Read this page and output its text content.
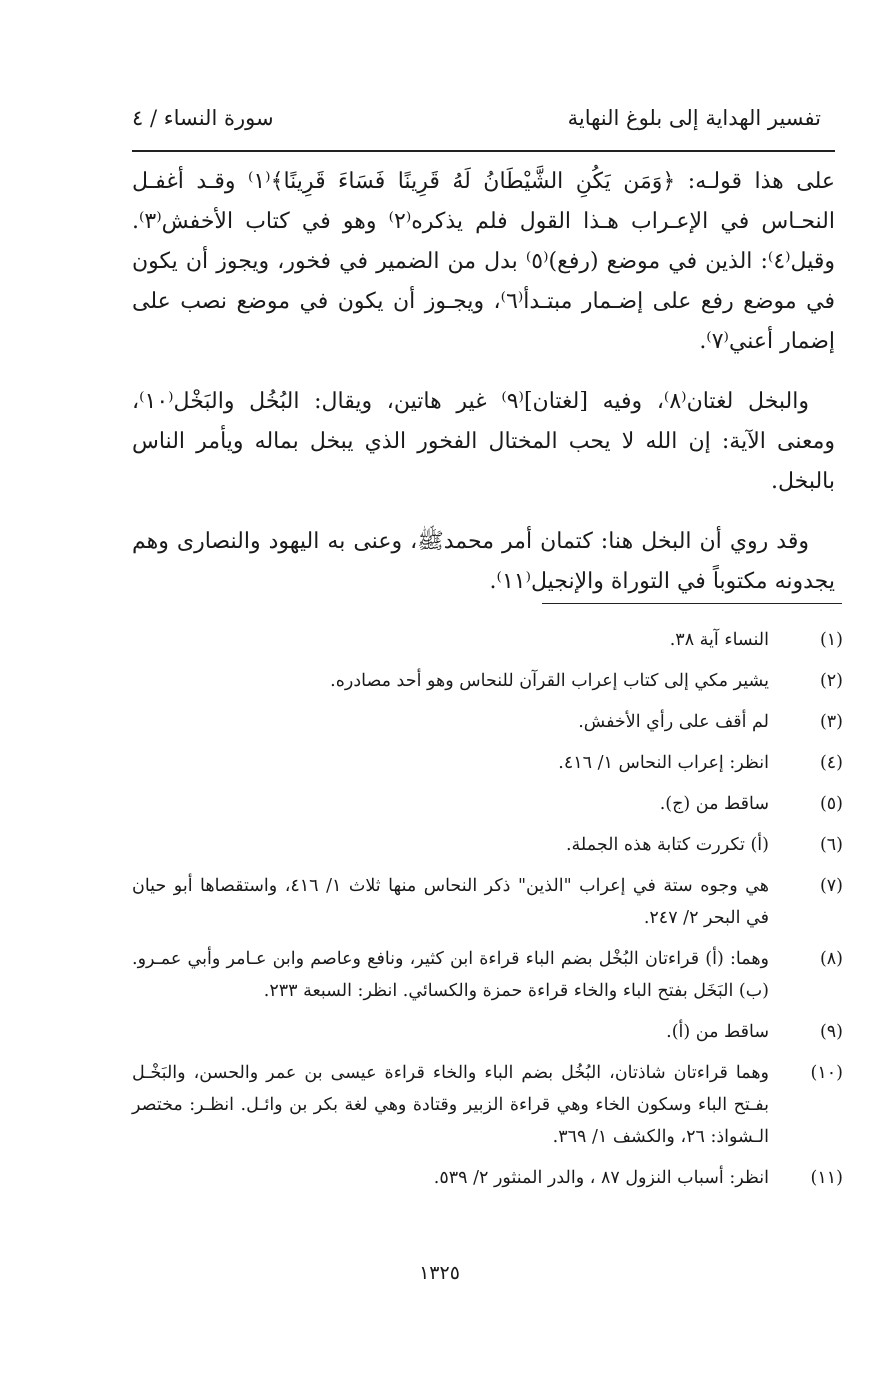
تفسير الهداية إلى بلوغ النهاية
سورة النساء / ٤

على هذا قولـه: ﴿وَمَن يَكُنِ الشَّيْطَانُ لَهُ قَرِينًا فَسَاءَ قَرِينًا﴾⁽١⁾ وقـد أغفـل النحـاس في الإعـراب هـذا القول فلم يذكره⁽٢⁾ وهو في كتاب الأخفش⁽٣⁾. وقيل⁽٤⁾: الذين في موضع (رفع)⁽٥⁾ بدل من الضمير في فخور، ويجوز أن يكون في موضع رفع على إضـمار مبتـدأ⁽٦⁾، ويجـوز أن يكون في موضع نصب على إضمار أعني⁽٧⁾.

والبخل لغتان⁽٨⁾، وفيه [لغتان]⁽٩⁾ غير هاتين، ويقال: البُخُل والبَخْل⁽١٠⁾، ومعنى الآية: إن الله لا يحب المختال الفخور الذي يبخل بماله ويأمر الناس بالبخل.

وقد روي أن البخل هنا: كتمان أمر محمدﷺ، وعنى به اليهود والنصارى وهم يجدونه مكتوباً في التوراة والإنجيل⁽١١⁾.

(١)
النساء آية ٣٨.
(٢)
يشير مكي إلى كتاب إعراب القرآن للنحاس وهو أحد مصادره.
(٣)
لم أقف على رأي الأخفش.
(٤)
انظر: إعراب النحاس ١/ ٤١٦.
(٥)
ساقط من (ج).
(٦)
(أ) تكررت كتابة هذه الجملة.
(٧)
هي وجوه ستة في إعراب "الذين" ذكر النحاس منها ثلاث ١/ ٤١٦، واستقصاها أبو حيان في البحر ٢/ ٢٤٧.
(٨)
وهما: (أ) قراءتان البُخْل بضم الباء قراءة ابن كثير، ونافع وعاصم وابن عـامر وأبي عمـرو. (ب) البَخَل بفتح الباء والخاء قراءة حمزة والكسائي. انظر: السبعة ٢٣٣.
(٩)
ساقط من (أ).
(١٠)
وهما قراءتان شاذتان، البُخُل بضم الباء والخاء قراءة عيسى بن عمر والحسن، والبَخْـل بفـتح الباء وسكون الخاء وهي قراءة الزبير وقتادة وهي لغة بكر بن وائـل. انظـر: مختصر الـشواذ: ٢٦، والكشف ١/ ٣٦٩.
(١١)
انظر: أسباب النزول ٨٧ ، والدر المنثور ٢/ ٥٣٩.
١٣٢٥
